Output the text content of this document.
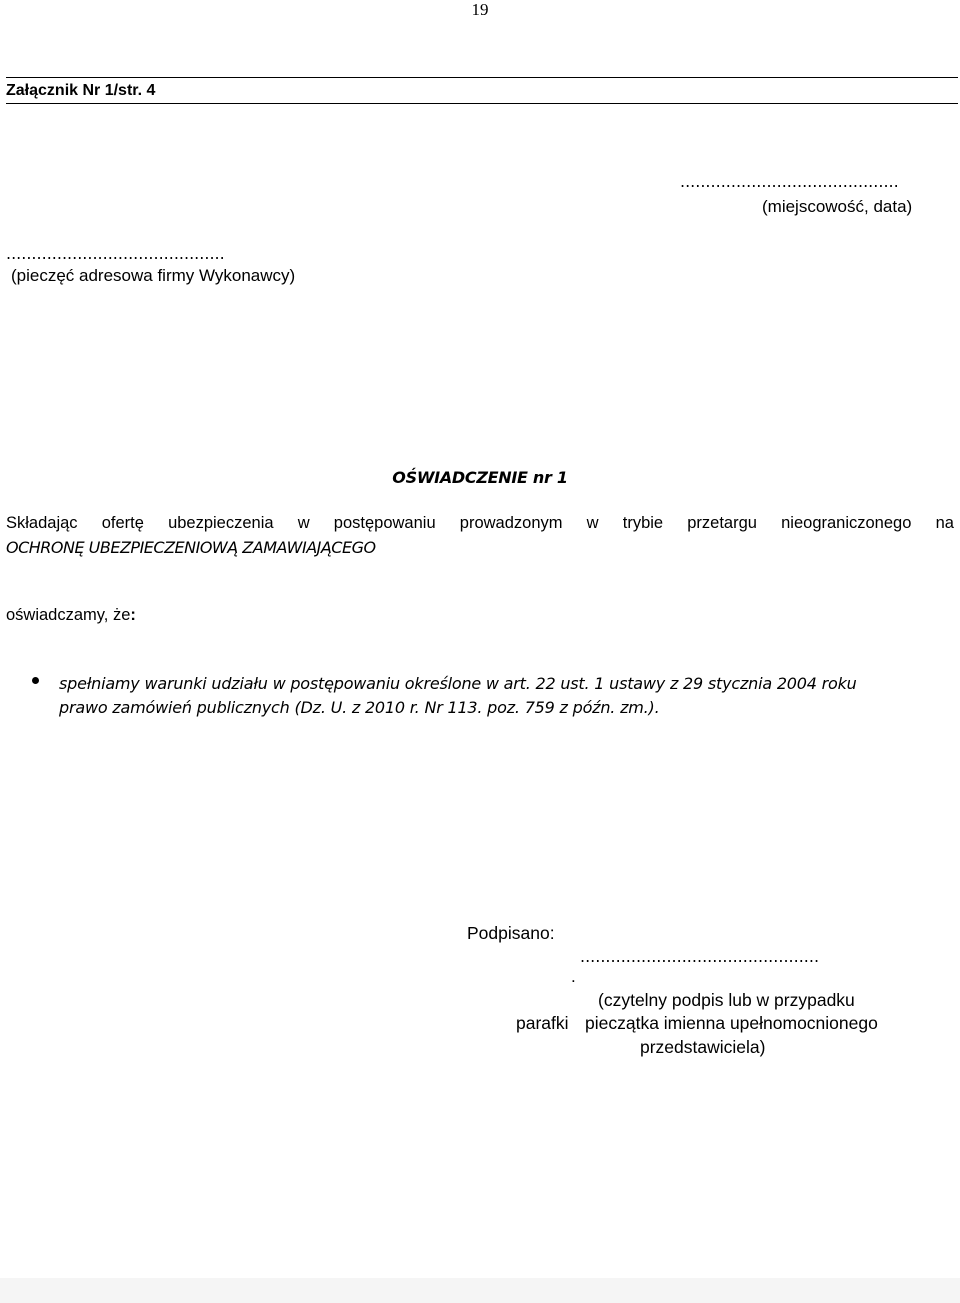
19
Załącznik Nr 1/str. 4
...........................................
(miejscowość, data)
...........................................
(pieczęć adresowa firmy Wykonawcy)
OŚWIADCZENIE nr 1
Składając ofertę ubezpieczenia w postępowaniu prowadzonym w trybie przetargu nieograniczonego na
OCHRONĘ UBEZPIECZENIOWĄ ZAMAWIAJĄCEGO
oświadczamy, że:
spełniamy warunki udziału w postępowaniu określone w art. 22 ust. 1 ustawy z 29 stycznia 2004 roku
prawo zamówień publicznych (Dz. U. z 2010 r. Nr 113. poz. 759 z późn. zm.).
Podpisano:
...............................................
.
(czytelny podpis lub w przypadku
parafki pieczątka imienna upełnomocnionego
przedstawiciela)
